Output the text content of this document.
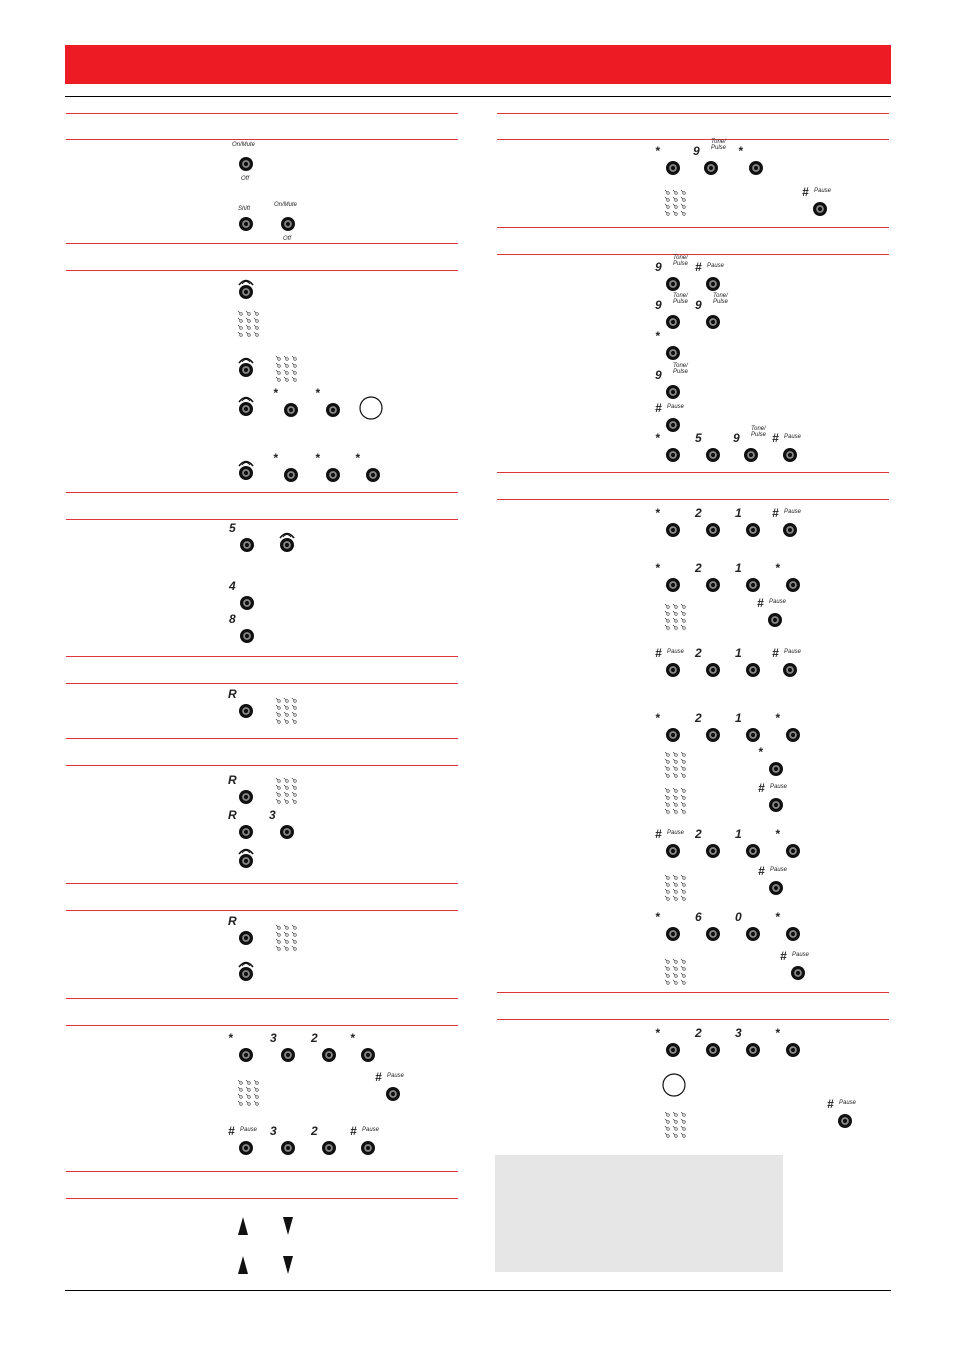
On/Mute
Off
Shift
On/Mute
Off
*	*
*	*	*
5
4
8
R
R
R	3
R
*	3	2	*
# Pause
# Pause 3	2	# Pause
*	9
Tone/
Pulse *
# Pause
9
Tone/
Pulse # Pause
9
Tone/
Pulse 9
Tone/
Pulse
*
9
Tone/
Pulse
# Pause
*	5	9
Tone/
Pulse # Pause
*	2	1	# Pause
*	2	1	*
# Pause
# Pause 2	1	# Pause
*	2	1	*
*
# Pause
# Pause 2	1	*
# Pause
*	6	0	*
# Pause
*	2	3	*
# Pause
